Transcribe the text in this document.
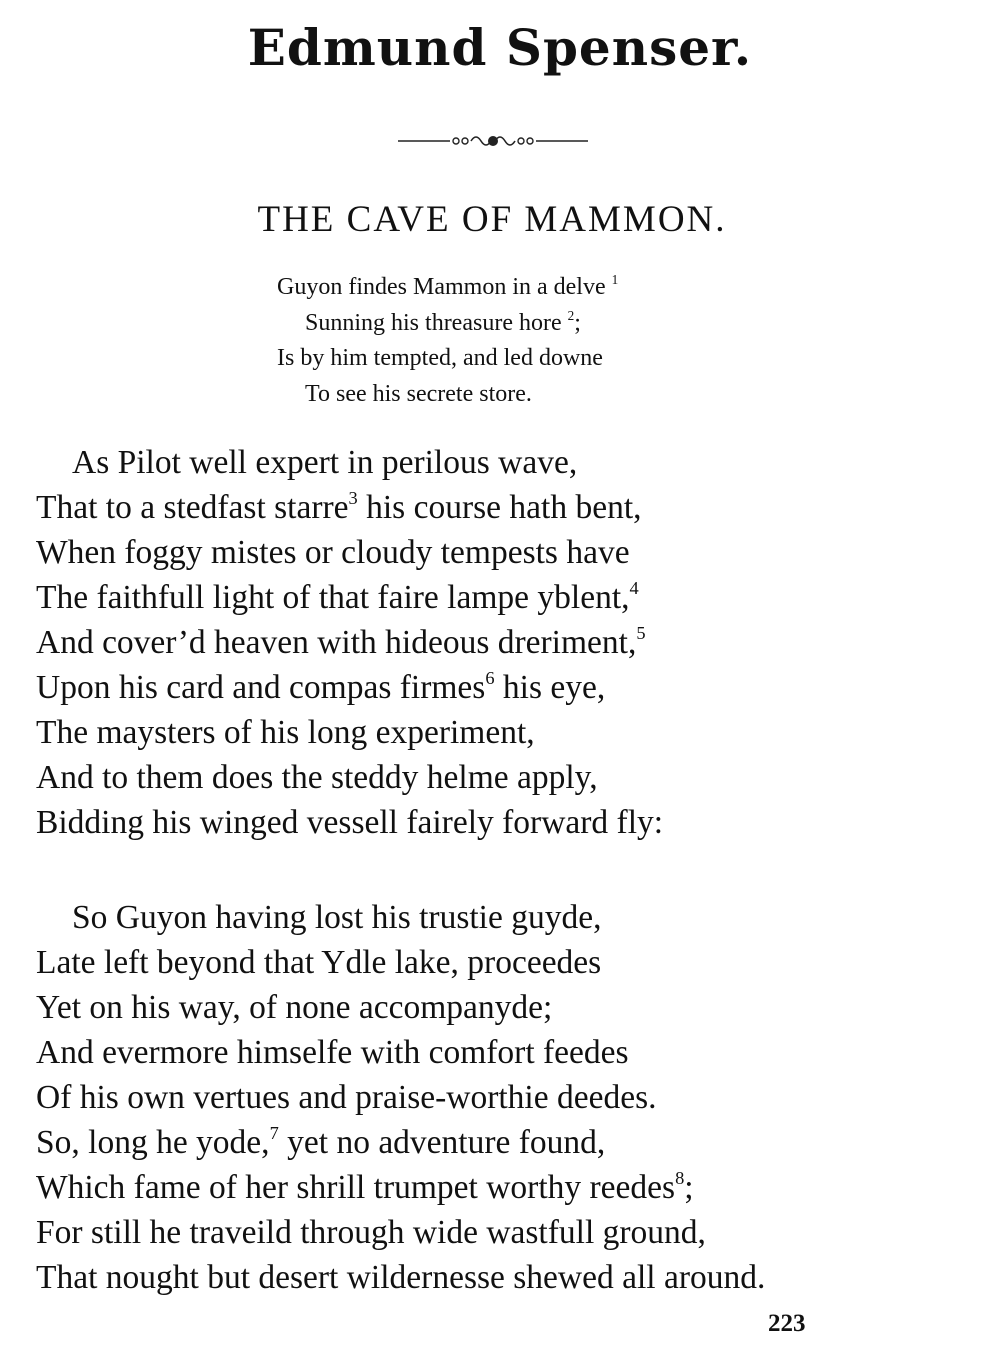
Edmund Spenser.
THE CAVE OF MAMMON.
Guyon findes Mammon in a delve $^1$
Sunning his threasure hore $^2$;
Is by him tempted, and led downe
To see his secrete store.
As Pilot well expert in perilous wave,
That to a stedfast starre$^3$ his course hath bent,
When foggy mistes or cloudy tempests have
The faithfull light of that faire lampe yblent,$^4$
And cover’d heaven with hideous dreriment,$^5$
Upon his card and compas firmes$^6$ his eye,
The maysters of his long experiment,
And to them does the steddy helme apply,
Bidding his winged vessell fairely forward fly:
So Guyon having lost his trustie guyde,
Late left beyond that Ydle lake, proceedes
Yet on his way, of none accompanyde;
And evermore himselfe with comfort feedes
Of his own vertues and praise-worthie deedes.
So, long he yode,$^7$ yet no adventure found,
Which fame of her shrill trumpet worthy reedes$^8$;
For still he traveild through wide wastfull ground,
That nought but desert wildernesse shewed all around.
223
